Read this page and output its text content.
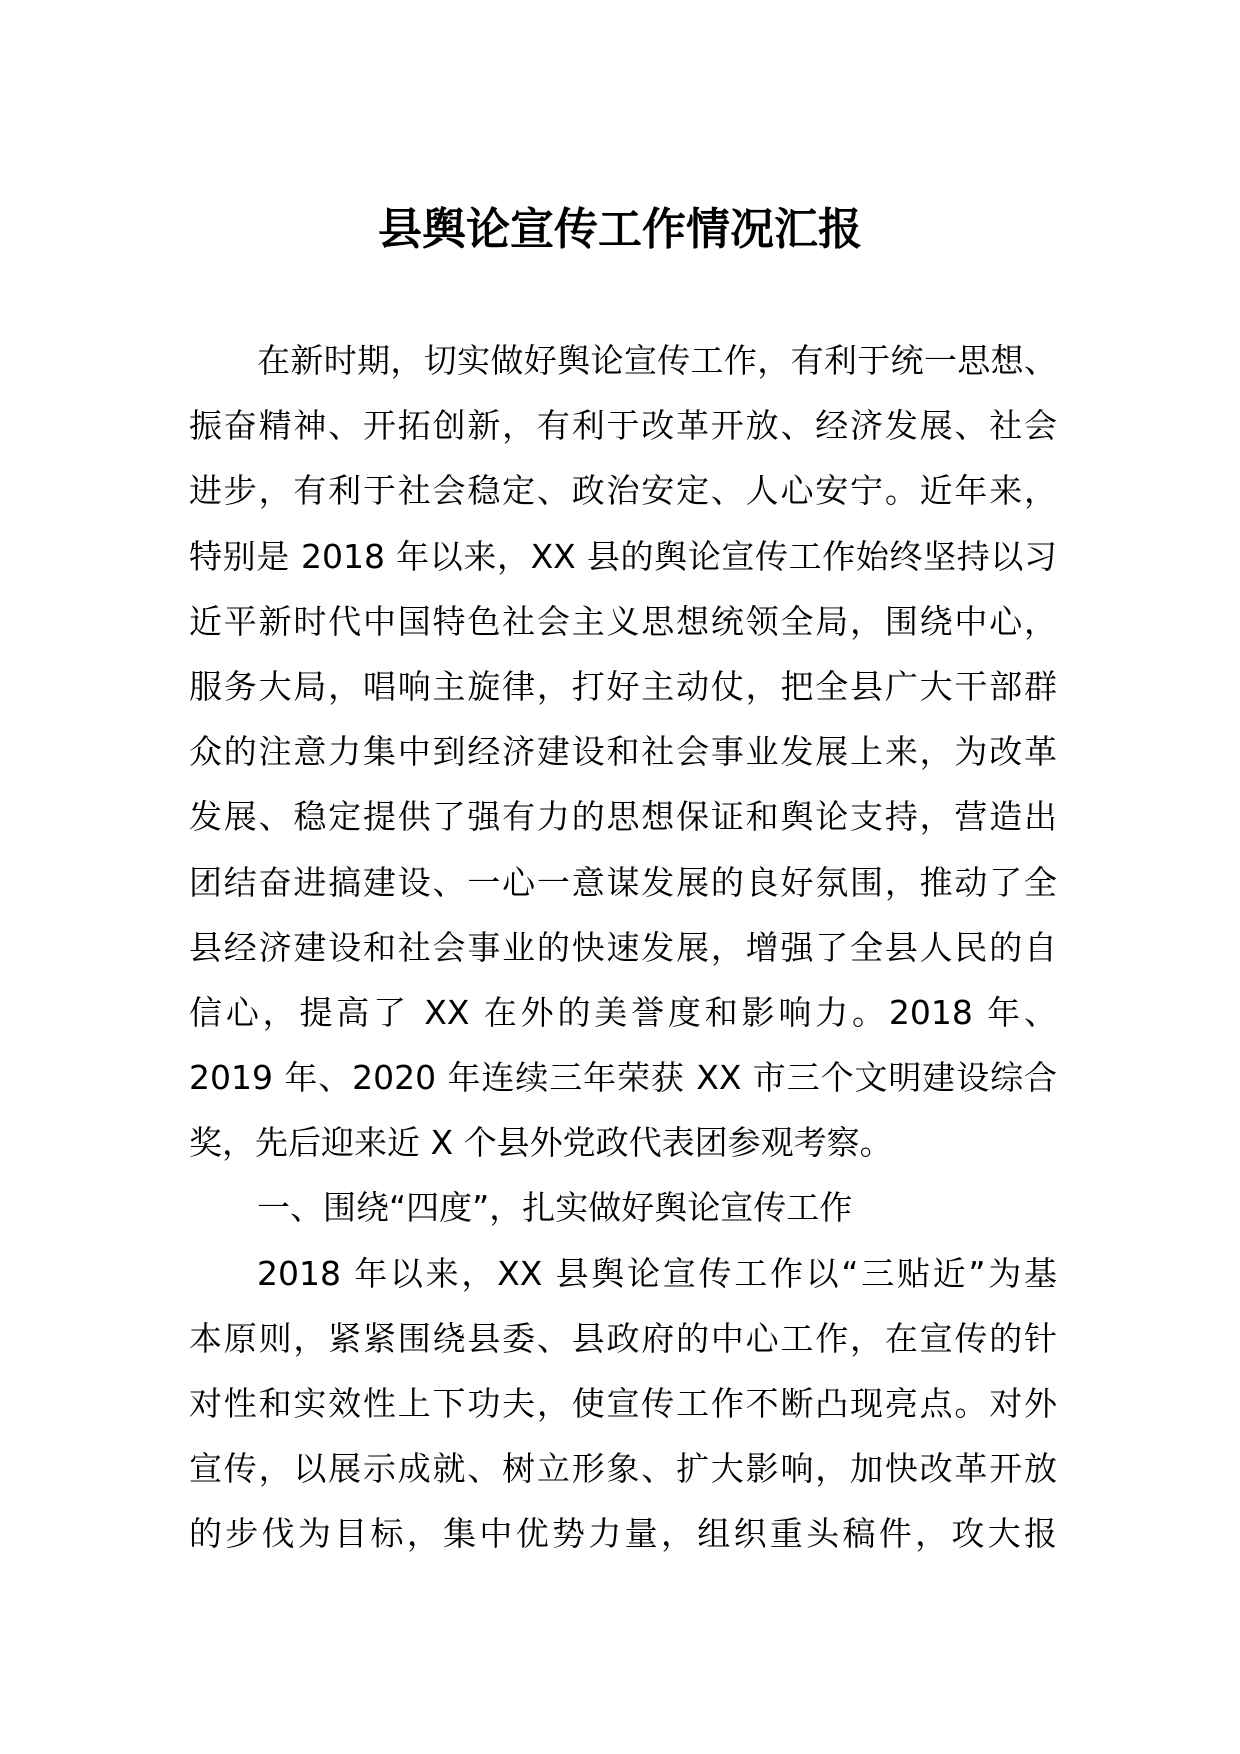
县舆论宣传工作情况汇报
在新时期，切实做好舆论宣传工作，有利于统一思想、
振奋精神、开拓创新，有利于改革开放、经济发展、社会
进步，有利于社会稳定、政治安定、人心安宁。近年来，
特别是 2018 年以来，XX 县的舆论宣传工作始终坚持以习
近平新时代中国特色社会主义思想统领全局，围绕中心，
服务大局，唱响主旋律，打好主动仗，把全县广大干部群
众的注意力集中到经济建设和社会事业发展上来，为改革
发展、稳定提供了强有力的思想保证和舆论支持，营造出
团结奋进搞建设、一心一意谋发展的良好氛围，推动了全
县经济建设和社会事业的快速发展，增强了全县人民的自
信心，提高了 XX 在外的美誉度和影响力。2018 年、
2019 年、2020 年连续三年荣获 XX 市三个文明建设综合
奖，先后迎来近 X 个县外党政代表团参观考察。
一、围绕“四度”，扎实做好舆论宣传工作
2018 年以来，XX 县舆论宣传工作以“三贴近”为基
本原则，紧紧围绕县委、县政府的中心工作，在宣传的针
对性和实效性上下功夫，使宣传工作不断凸现亮点。对外
宣传，以展示成就、树立形象、扩大影响，加快改革开放
的步伐为目标，集中优势力量，组织重头稿件，攻大报
